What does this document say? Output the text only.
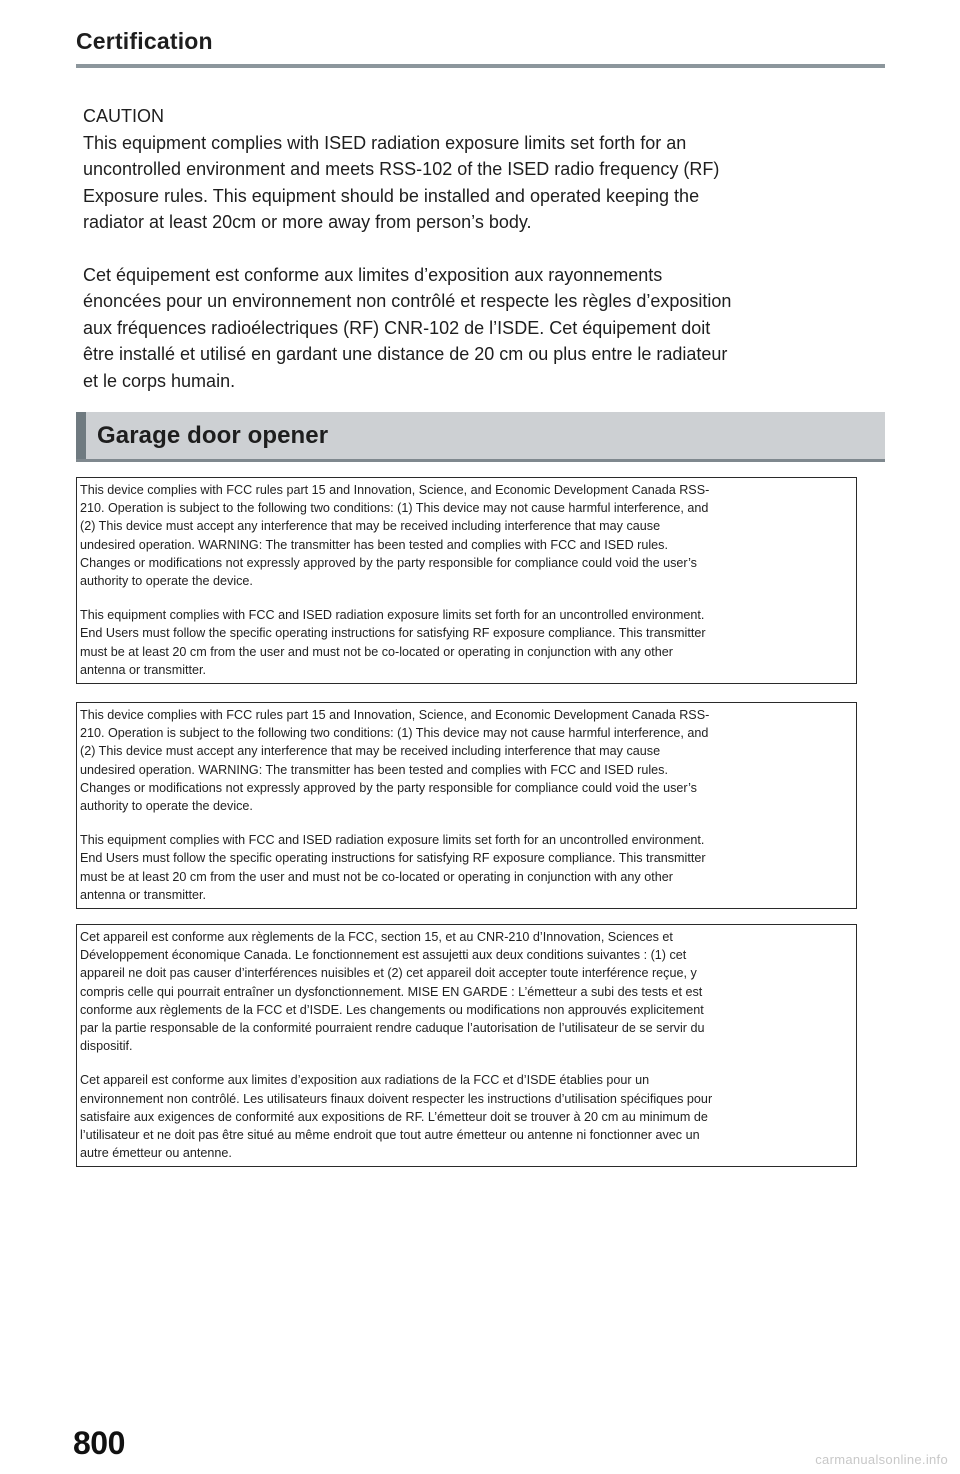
Certification
CAUTION
This equipment complies with ISED radiation exposure limits set forth for an
uncontrolled environment and meets RSS-102 of the ISED radio frequency (RF)
Exposure rules. This equipment should be installed and operated keeping the
radiator at least 20cm or more away from person’s body.
Cet équipement est conforme aux limites d’exposition aux rayonnements
énoncées pour un environnement non contrôlé et respecte les règles d’exposition
aux fréquences radioélectriques (RF) CNR-102 de l’ISDE. Cet équipement doit
être installé et utilisé en gardant une distance de 20 cm ou plus entre le radiateur
et le corps humain.
Garage door opener
This device complies with FCC rules part 15 and Innovation, Science, and Economic Development Canada RSS-
210. Operation is subject to the following two conditions: (1) This device may not cause harmful interference, and
(2) This device must accept any interference that may be received including interference that may cause
undesired operation. WARNING: The transmitter has been tested and complies with FCC and ISED rules.
Changes or modifications not expressly approved by the party responsible for compliance could void the user’s
authority to operate the device.
This equipment complies with FCC and ISED radiation exposure limits set forth for an uncontrolled environment.
End Users must follow the specific operating instructions for satisfying RF exposure compliance. This transmitter
must be at least 20 cm from the user and must not be co-located or operating in conjunction with any other
antenna or transmitter.
This device complies with FCC rules part 15 and Innovation, Science, and Economic Development Canada RSS-
210. Operation is subject to the following two conditions: (1) This device may not cause harmful interference, and
(2) This device must accept any interference that may be received including interference that may cause
undesired operation. WARNING: The transmitter has been tested and complies with FCC and ISED rules.
Changes or modifications not expressly approved by the party responsible for compliance could void the user’s
authority to operate the device.
This equipment complies with FCC and ISED radiation exposure limits set forth for an uncontrolled environment.
End Users must follow the specific operating instructions for satisfying RF exposure compliance. This transmitter
must be at least 20 cm from the user and must not be co-located or operating in conjunction with any other
antenna or transmitter.
Cet appareil est conforme aux règlements de la FCC, section 15, et au CNR-210 d’Innovation, Sciences et
Développement économique Canada. Le fonctionnement est assujetti aux deux conditions suivantes : (1) cet
appareil ne doit pas causer d’interférences nuisibles et (2) cet appareil doit accepter toute interférence reçue, y
compris celle qui pourrait entraîner un dysfonctionnement. MISE EN GARDE : L’émetteur a subi des tests et est
conforme aux règlements de la FCC et d’ISDE. Les changements ou modifications non approuvés explicitement
par la partie responsable de la conformité pourraient rendre caduque l’autorisation de l’utilisateur de se servir du
dispositif.
Cet appareil est conforme aux limites d’exposition aux radiations de la FCC et d’ISDE établies pour un
environnement non contrôlé. Les utilisateurs finaux doivent respecter les instructions d’utilisation spécifiques pour
satisfaire aux exigences de conformité aux expositions de RF. L’émetteur doit se trouver à 20 cm au minimum de
l’utilisateur et ne doit pas être situé au même endroit que tout autre émetteur ou antenne ni fonctionner avec un
autre émetteur ou antenne.
800	carmanualsonline.info
